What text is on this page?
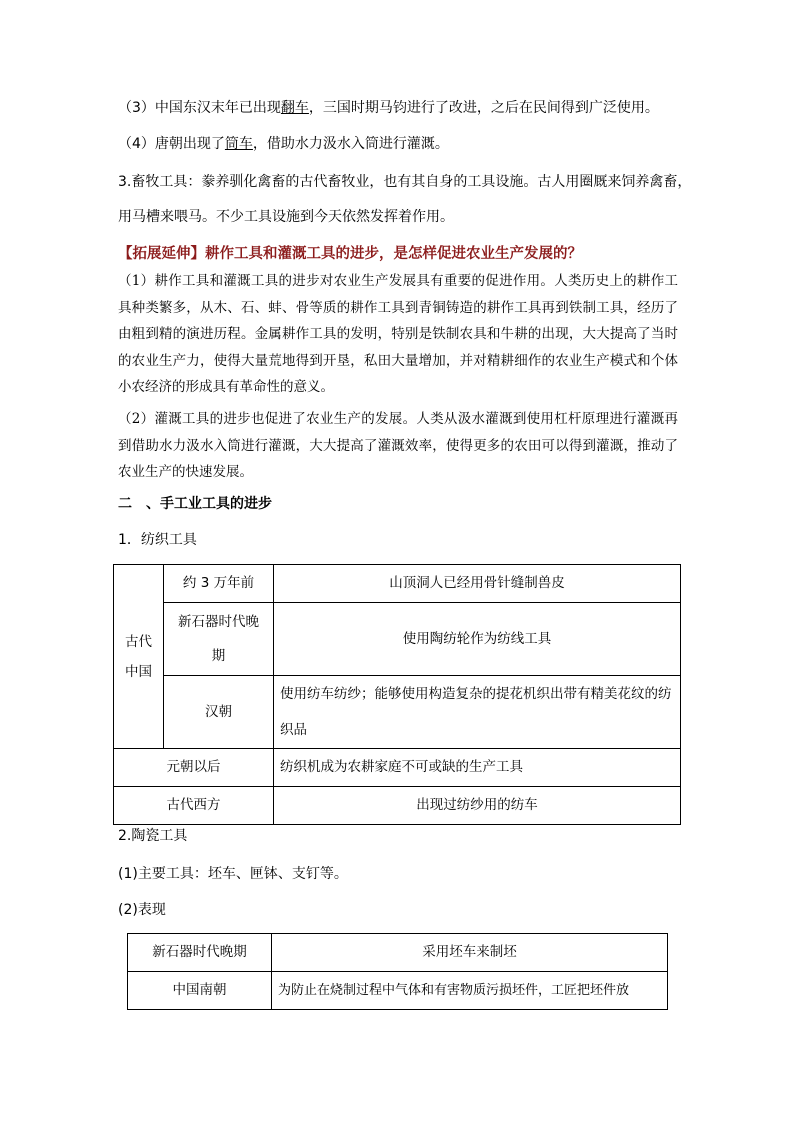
（3）中国东汉末年已出现翻车，三国时期马钧进行了改进，之后在民间得到广泛使用。
（4）唐朝出现了筒车，借助水力汲水入筒进行灌溉。
3.畜牧工具：豢养驯化禽畜的古代畜牧业，也有其自身的工具设施。古人用圈厩来饲养禽畜，
用马槽来喂马。不少工具设施到今天依然发挥着作用。
【拓展延伸】耕作工具和灌溉工具的进步，是怎样促进农业生产发展的？
（1）耕作工具和灌溉工具的进步对农业生产发展具有重要的促进作用。人类历史上的耕作工具种类繁多，从木、石、蚌、骨等质的耕作工具到青铜铸造的耕作工具再到铁制工具，经历了由粗到精的演进历程。金属耕作工具的发明，特别是铁制农具和牛耕的出现，大大提高了当时的农业生产力，使得大量荒地得到开垦，私田大量增加，并对精耕细作的农业生产模式和个体小农经济的形成具有革命性的意义。
（2）灌溉工具的进步也促进了农业生产的发展。人类从汲水灌溉到使用杠杆原理进行灌溉再到借助水力汲水入筒进行灌溉，大大提高了灌溉效率，使得更多的农田可以得到灌溉，推动了农业生产的快速发展。
二　、手工业工具的进步
1．纺织工具
古代中国	约 3 万年前	山顶洞人已经用骨针缝制兽皮

	新石器时代晚期	使用陶纺轮作为纺线工具
	汉朝	使用纺车纺纱；能够使用构造复杂的提花机织出带有精美花纹的纺织品
元朝以后		纺织机成为农耕家庭不可或缺的生产工具
古代西方		出现过纺纱用的纺车
2.陶瓷工具
(1)主要工具：坯车、匣钵、支钉等。
(2)表现
新石器时代晚期	采用坯车来制坯
中国南朝	为防止在烧制过程中气体和有害物质污损坯件，工匠把坯件放
